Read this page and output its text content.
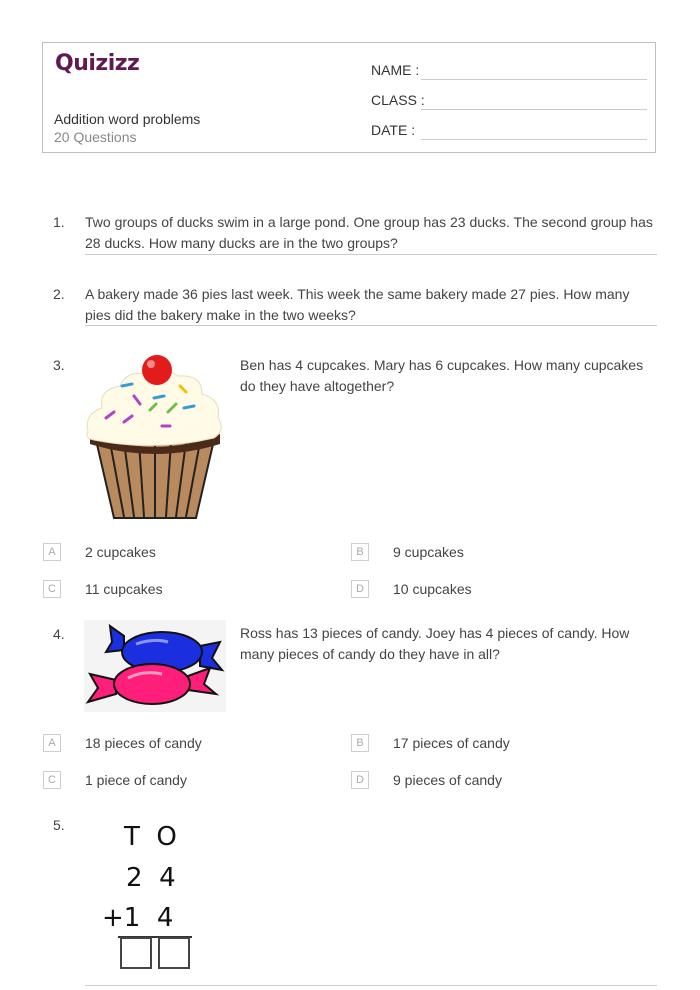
Quizizz
Addition word problems
20 Questions
NAME :
CLASS :
DATE :
1. Two groups of ducks swim in a large pond. One group has 23 ducks. The second group has 28 ducks. How many ducks are in the two groups?
2. A bakery made 36 pies last week. This week the same bakery made 27 pies. How many pies did the bakery make in the two weeks?
3.	Ben has 4 cupcakes. Mary has 6 cupcakes. How many cupcakes do they have altogether?
A	2 cupcakes	B	9 cupcakes
C	11 cupcakes	D	10 cupcakes
4.	Ross has 13 pieces of candy. Joey has 4 pieces of candy. How many pieces of candy do they have in all?
A	18 pieces of candy	B	17 pieces of candy
C	1 piece of candy	D	9 pieces of candy
5. T  O
2  4
+1  4
